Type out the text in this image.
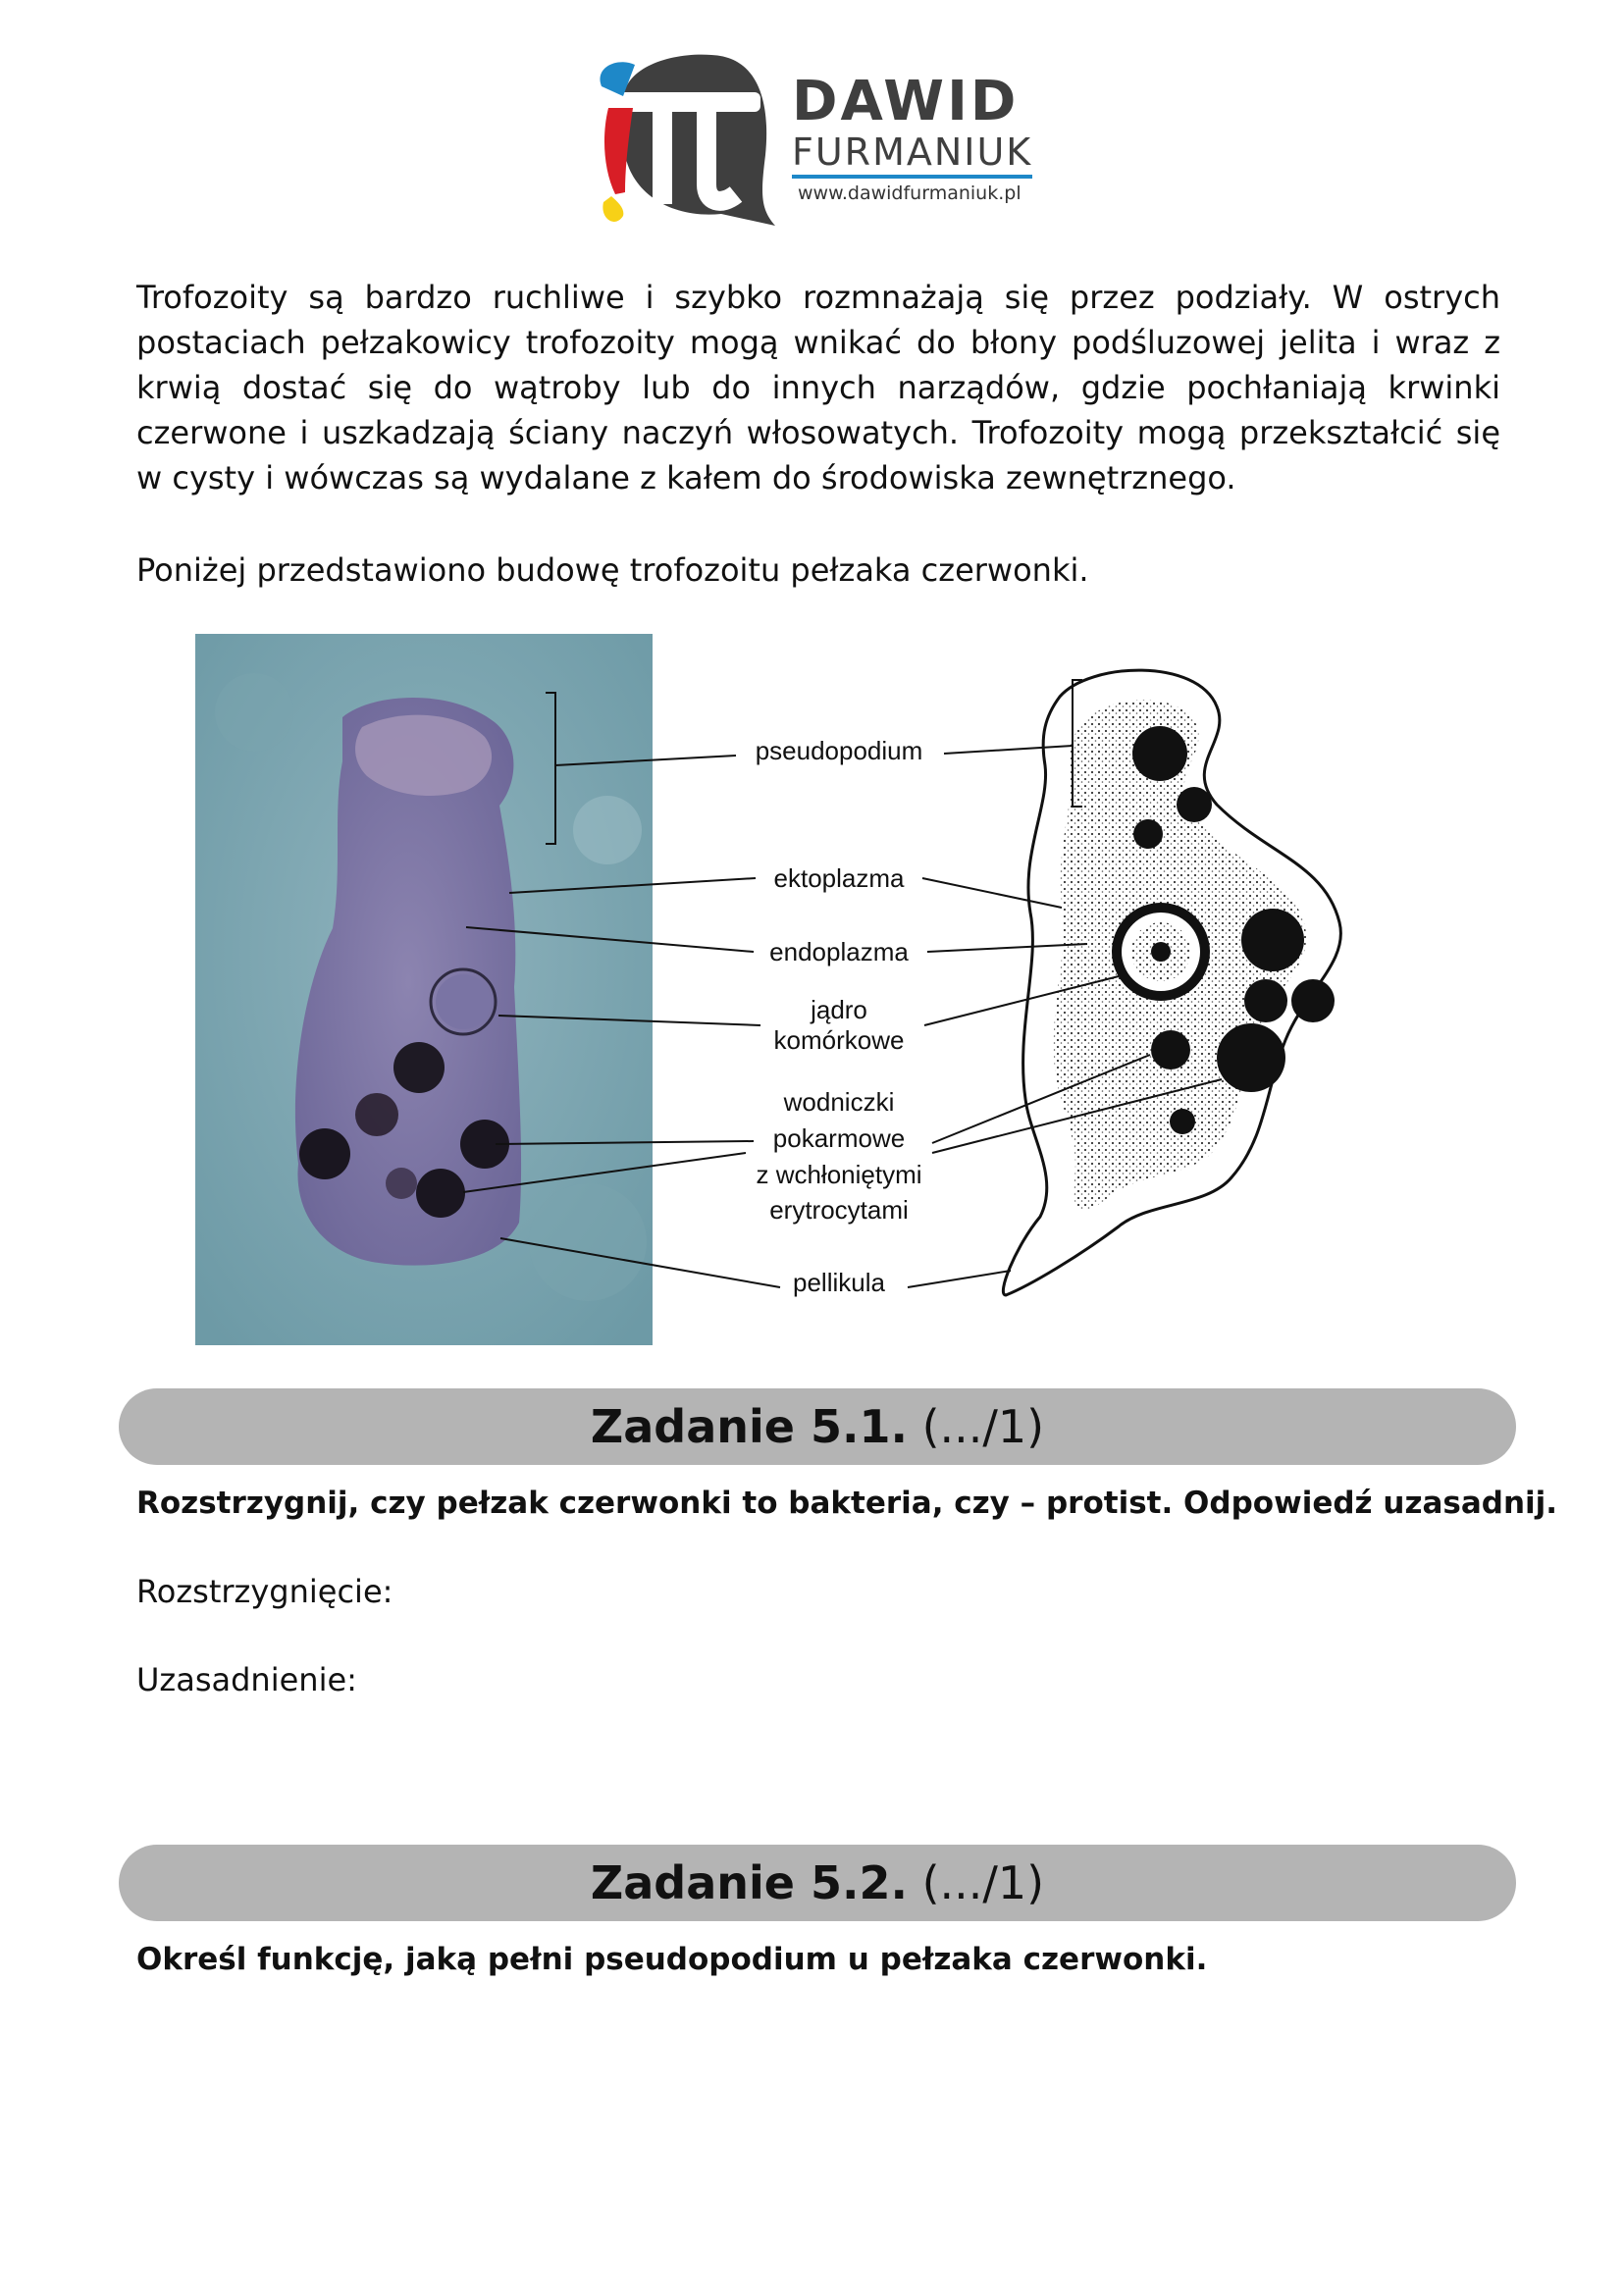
DAWID
FURMANIUK
www.dawidfurmaniuk.pl

Trofozoity są bardzo ruchliwe i szybko rozmnażają się przez podziały. W ostrych postaciach pełzakowicy trofozoity mogą wnikać do błony podśluzowej jelita i wraz z krwią dostać się do wątroby lub do innych narządów, gdzie pochłaniają krwinki czerwone i uszkadzają ściany naczyń włosowatych. Trofozoity mogą przekształcić się w cysty i wówczas są wydalane z kałem do środowiska zewnętrznego.

Poniżej przedstawiono budowę trofozoitu pełzaka czerwonki.

pseudopodium
ektoplazma
endoplazma
jądro
komórkowe
wodniczki
pokarmowe
z wchłoniętymi
erytrocytami
pellikula
Zadanie 5.1. (.../1)

Rozstrzygnij, czy pełzak czerwonki to bakteria, czy – protist. Odpowiedź uzasadnij.

Rozstrzygnięcie:

Uzasadnienie:

Zadanie 5.2. (.../1)

Określ funkcję, jaką pełni pseudopodium u pełzaka czerwonki.
